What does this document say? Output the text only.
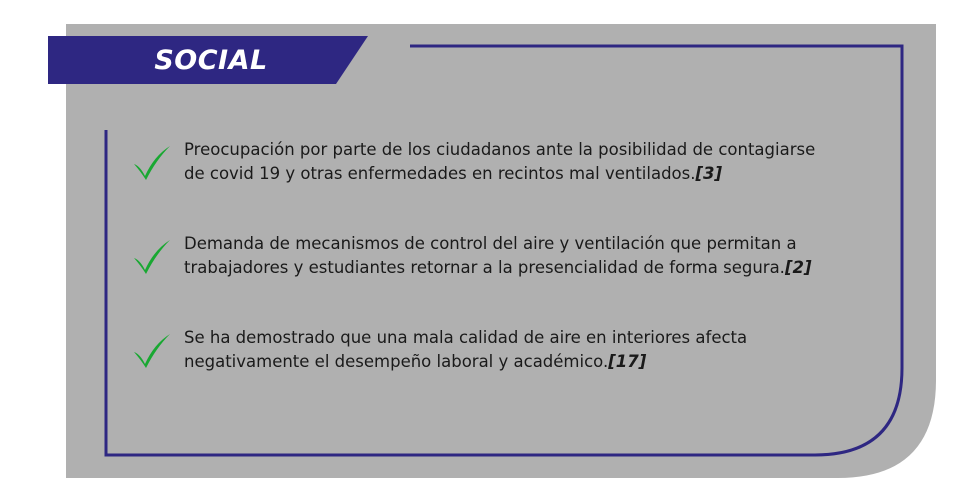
SOCIAL
Preocupación por parte de los ciudadanos ante la posibilidad de contagiarse
de covid 19 y otras enfermedades en recintos mal ventilados.[3]
Demanda de mecanismos de control del aire y ventilación que permitan a
trabajadores y estudiantes retornar a la presencialidad de forma segura.[2]
Se ha demostrado que una mala calidad de aire en interiores afecta
negativamente el desempeño laboral y académico.[17]
